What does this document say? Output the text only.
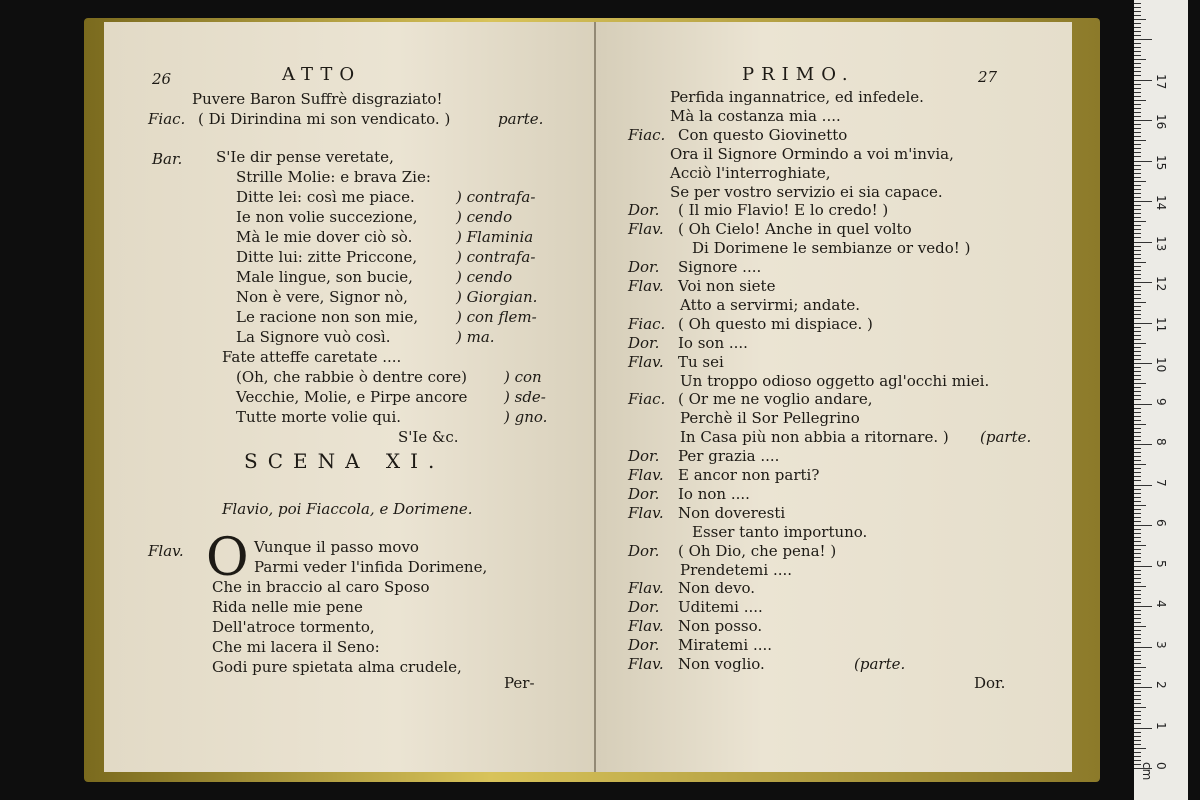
26	ATTO
Puvere Baron Suffrè disgraziato!
Fiac. ( Di Dirindina mi son vendicato. )	parte.
Bar. S'Ie dir pense veretate,
Strille Molie: e brava Zie:
Ditte lei: così me piace.	) contrafa-
Ie non volie succezione,	) cendo
Mà le mie dover ciò sò.	) Flaminia
Ditte lui: zitte Priccone,	) contrafa-
Male lingue, son bucie,	) cendo
Non è vere, Signor nò,	) Giorgian.
Le racione non son mie,	) con flem-
La Signore vuò così.	) ma.
Fate atteffe caretate ....
(Oh, che rabbie ò dentre core) ) con
Vecchie, Molie, e Pirpe ancore ) sde-
Tutte morte volie qui.	) gno.
S'Ie &c.
SCENA XI.
Flavio, poi Fiaccola, e Dorimene.
Flav. O Vunque il passo movo
Parmi veder l'infida Dorimene,
Che in braccio al caro Sposo
Rida nelle mie pene
Dell'atroce tormento,
Che mi lacera il Seno:
Godi pure spietata alma crudele,
Per-
PRIMO.	27
Perfida ingannatrice, ed infedele.
Mà la costanza mia ....
Fiac. Con questo Giovinetto
Ora il Signore Ormindo a voi m'invia,
Acciò l'interroghiate,
Se per vostro servizio ei sia capace.
Dor. ( Il mio Flavio! E lo credo! )
Flav. ( Oh Cielo! Anche in quel volto
Di Dorimene le sembianze or vedo! )
Dor. Signore ....
Flav. Voi non siete
Atto a servirmi; andate.
Fiac. ( Oh questo mi dispiace. )
Dor. Io son ....
Flav. Tu sei
Un troppo odioso oggetto agl'occhi miei.
Fiac. ( Or me ne voglio andare,
Perchè il Sor Pellegrino
In Casa più non abbia a ritornare. ) (parte.
Dor. Per grazia ....
Flav. E ancor non parti?
Dor. Io non ....
Flav. Non doveresti
Esser tanto importuno.
Dor. ( Oh Dio, che pena! )
Prendetemi ....
Flav. Non devo.
Dor. Uditemi ....
Flav. Non posso.
Dor. Miratemi ....
Flav. Non voglio.	(parte.
Dor.
17
16
15
14
13
12
11
10
9
8
7
6
5
4
3
2
1
0 cm
